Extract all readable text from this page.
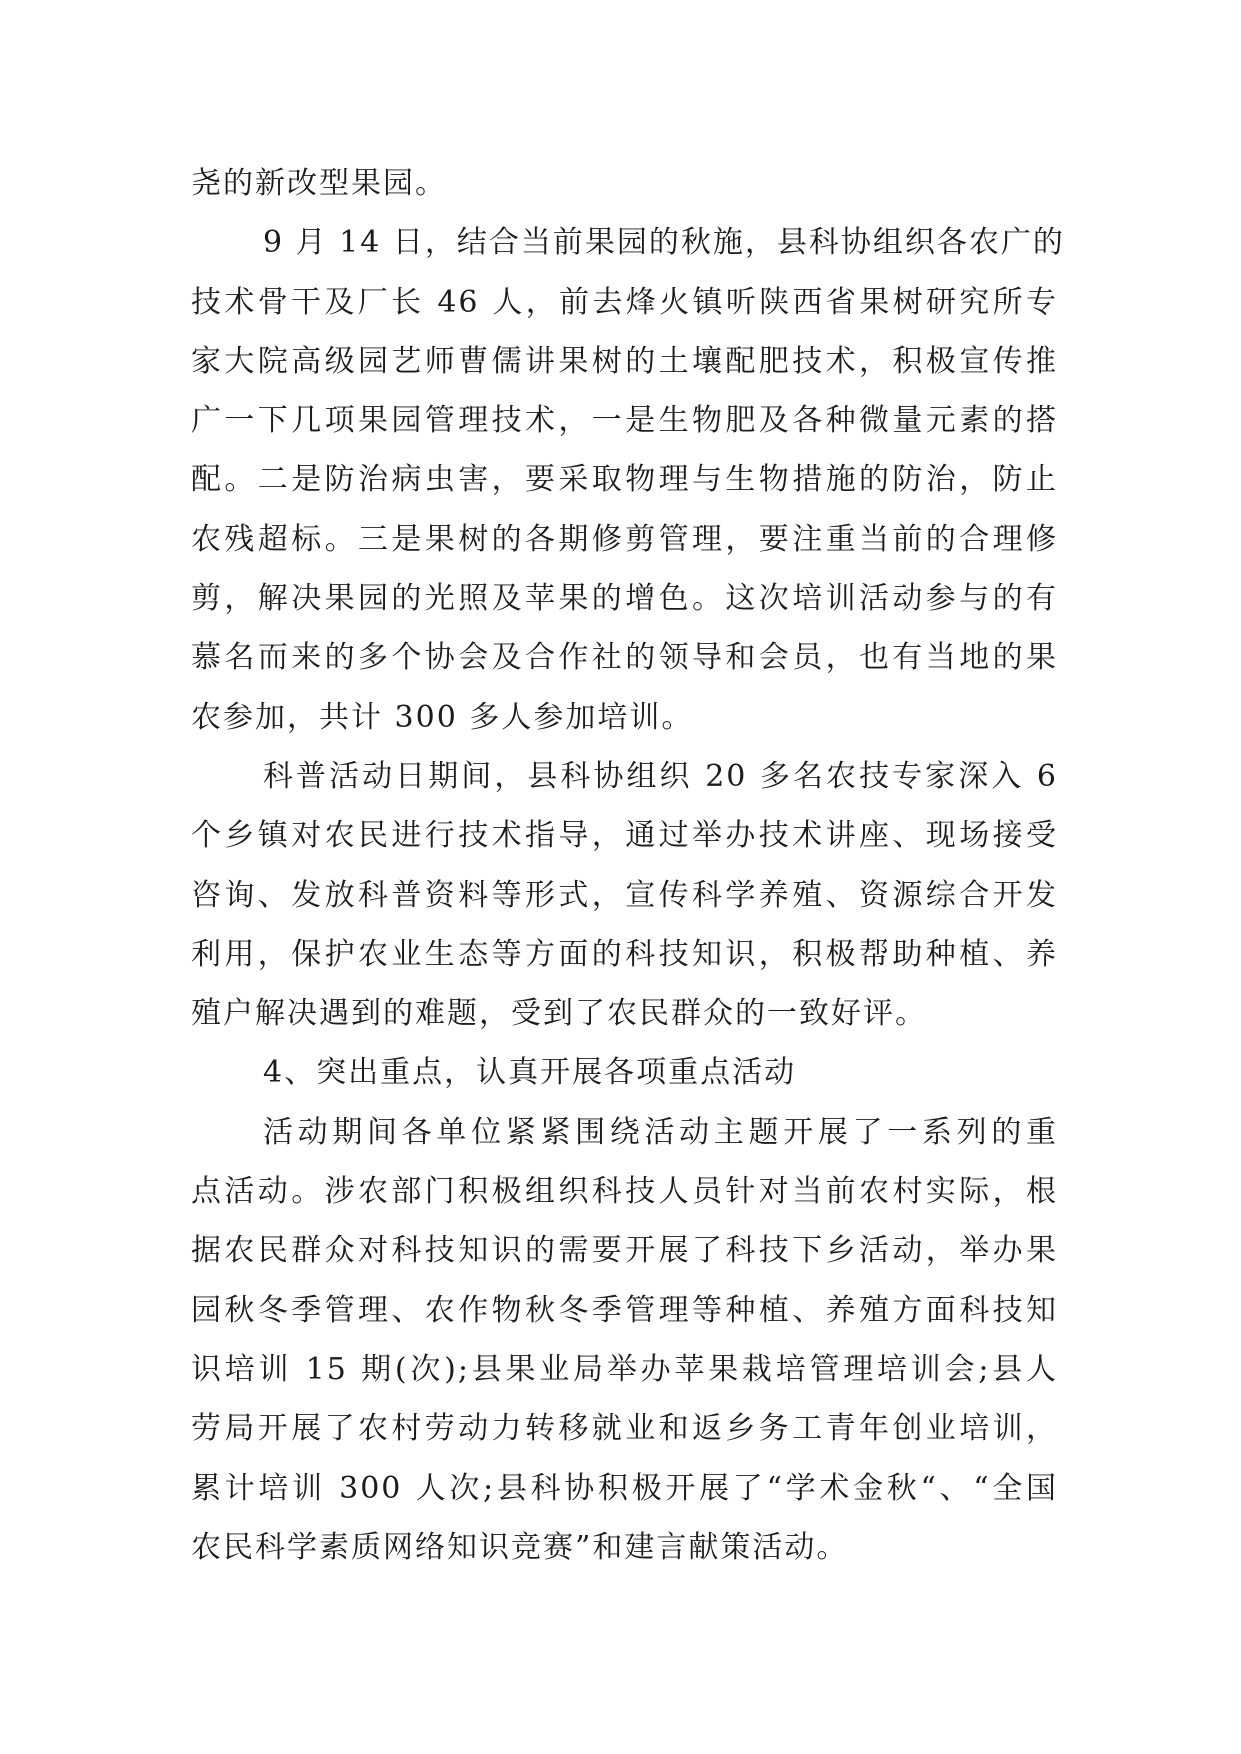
尧的新改型果园。
9 月 14 日，结合当前果园的秋施，县科协组织各农广的
技术骨干及厂长 46 人，前去烽火镇听陕西省果树研究所专
家大院高级园艺师曹儒讲果树的土壤配肥技术，积极宣传推
广一下几项果园管理技术，一是生物肥及各种微量元素的搭
配。二是防治病虫害，要采取物理与生物措施的防治，防止
农残超标。三是果树的各期修剪管理，要注重当前的合理修
剪，解决果园的光照及苹果的增色。这次培训活动参与的有
慕名而来的多个协会及合作社的领导和会员，也有当地的果
农参加，共计 300 多人参加培训。
科普活动日期间，县科协组织 20 多名农技专家深入 6
个乡镇对农民进行技术指导，通过举办技术讲座、现场接受
咨询、发放科普资料等形式，宣传科学养殖、资源综合开发
利用，保护农业生态等方面的科技知识，积极帮助种植、养
殖户解决遇到的难题，受到了农民群众的一致好评。
4、突出重点，认真开展各项重点活动
活动期间各单位紧紧围绕活动主题开展了一系列的重
点活动。涉农部门积极组织科技人员针对当前农村实际，根
据农民群众对科技知识的需要开展了科技下乡活动，举办果
园秋冬季管理、农作物秋冬季管理等种植、养殖方面科技知
识培训 15 期(次);县果业局举办苹果栽培管理培训会;县人
劳局开展了农村劳动力转移就业和返乡务工青年创业培训，
累计培训 300 人次;县科协积极开展了“学术金秋“、“全国
农民科学素质网络知识竞赛”和建言献策活动。
